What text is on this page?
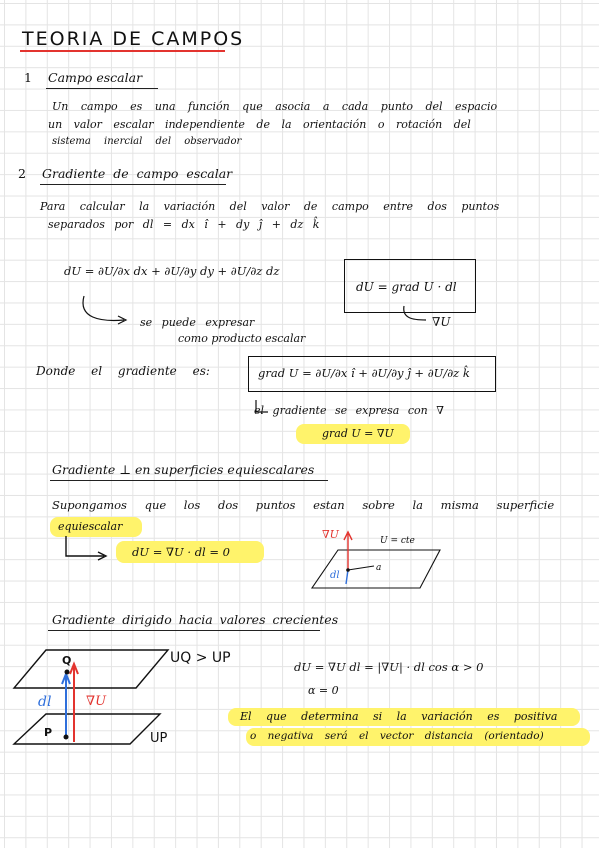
TEORIA DE CAMPOS
1 Campo escalar
Un campo es una función que asocia a cada punto del espacio
un valor escalar independiente de la orientación o rotación del
sistema inercial del observador
2 Gradiente de campo escalar
Para calcular la variación del valor de campo entre dos puntos
separados por dl = dx î + dy ĵ + dz k̂
dU = ∂U/∂x dx + ∂U/∂y dy + ∂U/∂z dz
dU = grad U · dl
∇U
se puede expresar
como producto escalar
Donde el gradiente es:	grad U = ∂U/∂x î + ∂U/∂y ĵ + ∂U/∂z k̂
el gradiente se expresa con ∇
grad U = ∇U
Gradiente ⊥ en superficies equiescalares
Supongamos que los dos puntos estan sobre la misma superficie
equiescalar
dU = ∇U · dl = 0
∇U	U = cte
dl
a
Gradiente dirigido hacia valores crecientes
UQ > UP
UP
Q
P
dl	∇U
dU = ∇U dl = |∇U| · dl cos α > 0
α = 0
El que determina si la variación es positiva
o negativa será el vector distancia (orientado)
